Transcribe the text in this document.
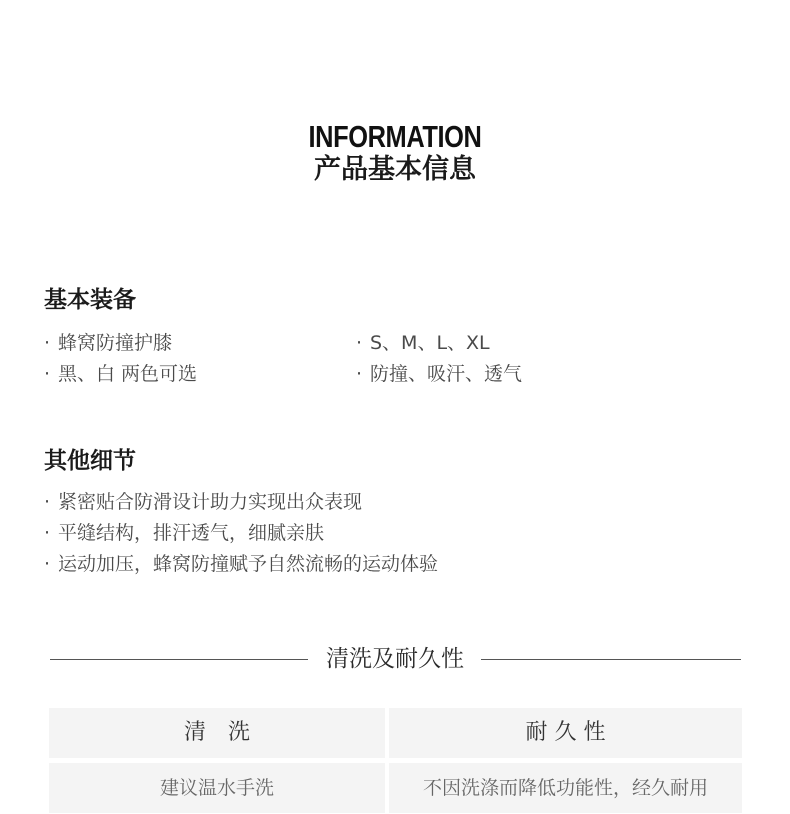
INFORMATION
产品基本信息
基本装备
· 蜂窝防撞护膝
· 黑、白 两色可选
· S、M、L、XL
· 防撞、吸汗、透气
其他细节
· 紧密贴合防滑设计助力实现出众表现
· 平缝结构，排汗透气，细腻亲肤
· 运动加压，蜂窝防撞赋予自然流畅的运动体验
清洗及耐久性
清　洗	耐 久 性
建议温水手洗	不因洗涤而降低功能性，经久耐用
